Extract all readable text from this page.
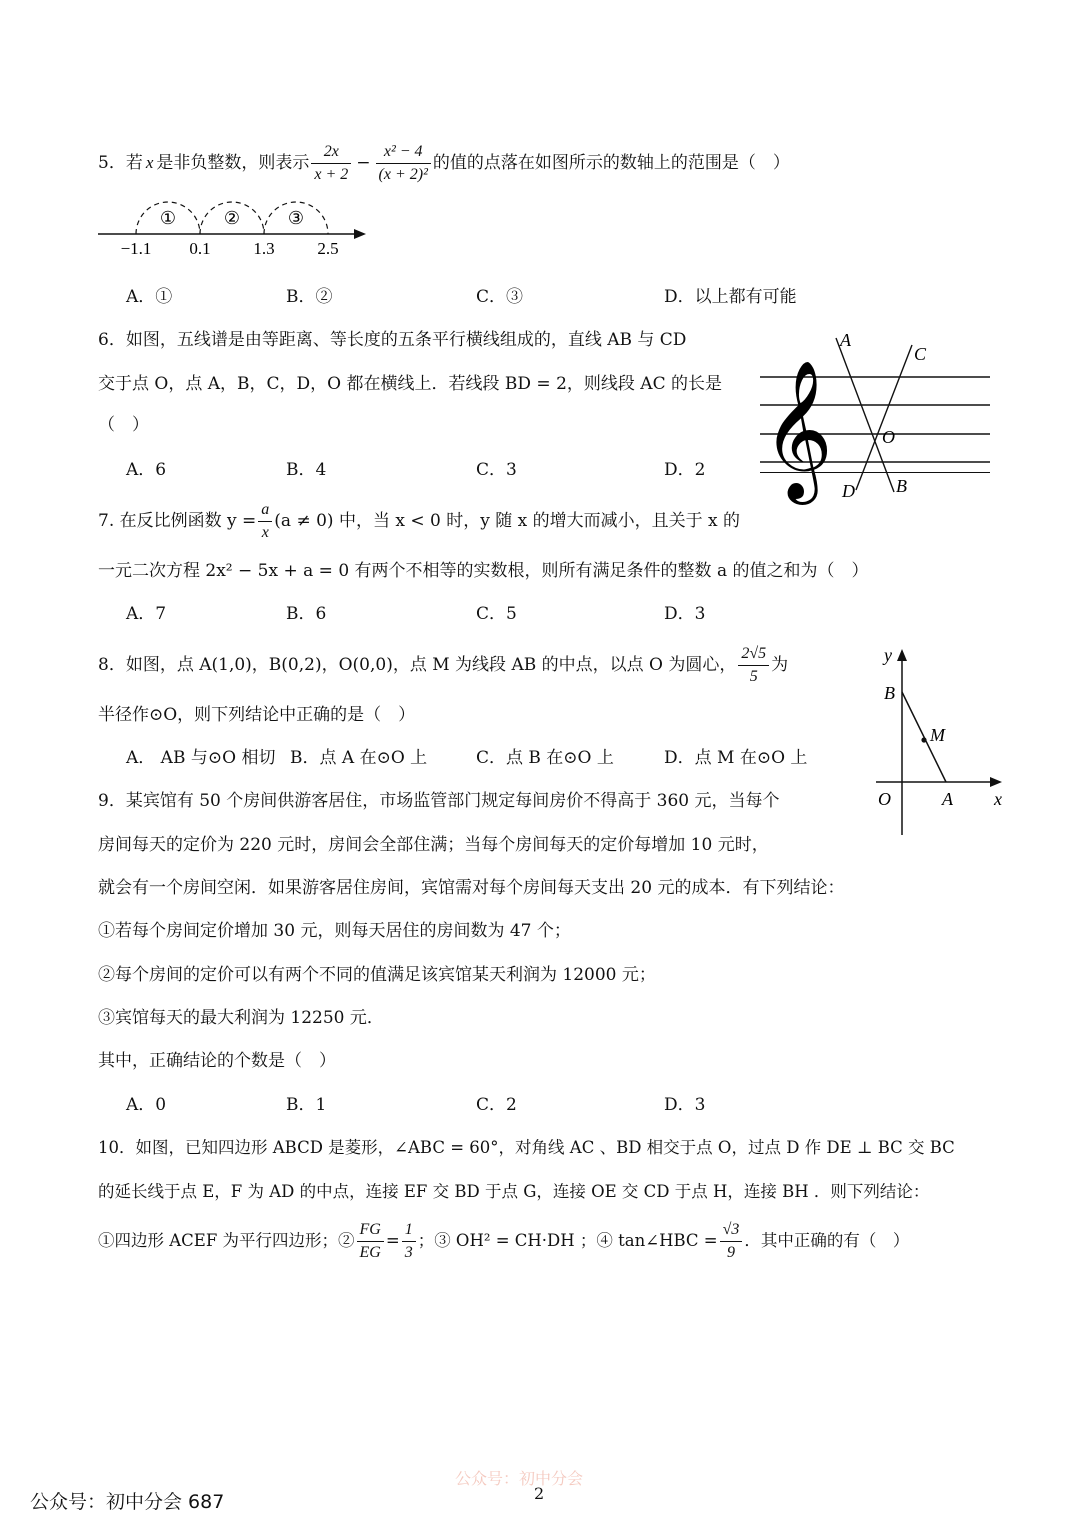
5．若 x 是非负整数，则表示 $\frac{2x}{x + 2} - \frac{\text{x² − 4}}{\text{(x + 2)²}}$ 的值的点落在如图所示的数轴上的范围是（　）
①	②	③
−1.1 0.1	1.3	2.5
A．①	B．②	C．③	D．以上都有可能
6．如图，五线谱是由等距离、等长度的五条平行横线组成的，直线 AB 与 CD
交于点 O，点 A，B，C，D，O 都在横线上．若线段 BD = 2，则线段 AC 的长是
（　）	𝄞
A
C
O
D B
A．6	B．4	C．3	D．2
7. 在反比例函数 $y = \frac{a}{x} (a \ne 0)$ 中，当 x < 0 时，y 随 x 的增大而减小，且关于 x 的
一元二次方程 2x² − 5x + a = 0 有两个不相等的实数根，则所有满足条件的整数 a 的值之和为（　）
A．7	B．6	C．5	D．3
8．如图，点 A(1,0)，B(0,2)，O(0,0)，点 M 为线段 AB 的中点，以点 O 为圆心， $\frac{2√5}{5}$ 为
半径作⊙O，则下列结论中正确的是（　）
A． AB 与⊙O 相切 B．点 A 在⊙O 上	C．点 B 在⊙O 上	D．点 M 在⊙O 上
y
B
M
O	A x
9．某宾馆有 50 个房间供游客居住，市场监管部门规定每间房价不得高于 360 元，当每个
房间每天的定价为 220 元时，房间会全部住满；当每个房间每天的定价每增加 10 元时，
就会有一个房间空闲．如果游客居住房间，宾馆需对每个房间每天支出 20 元的成本．有下列结论：
①若每个房间定价增加 30 元，则每天居住的房间数为 47 个；
②每个房间的定价可以有两个不同的值满足该宾馆某天利润为 12000 元；
③宾馆每天的最大利润为 12250 元．
其中，正确结论的个数是（　）
A．0	B．1	C．2	D．3
10．如图，已知四边形 ABCD 是菱形，∠ABC = 60°，对角线 AC 、BD 相交于点 O，过点 D 作 DE ⊥ BC 交 BC
的延长线于点 E，F 为 AD 的中点，连接 EF 交 BD 于点 G，连接 OE 交 CD 于点 H，连接 BH ．则下列结论：
①四边形 ACEF 为平行四边形；② $\frac{FG}{EG} = \frac{1}{3}$ ；③ OH² = CH·DH ；④ tan∠HBC = $\frac{√3}{9}$ ．其中正确的有（　）
公众号：初中分会
2
公众号：初中分会 687
